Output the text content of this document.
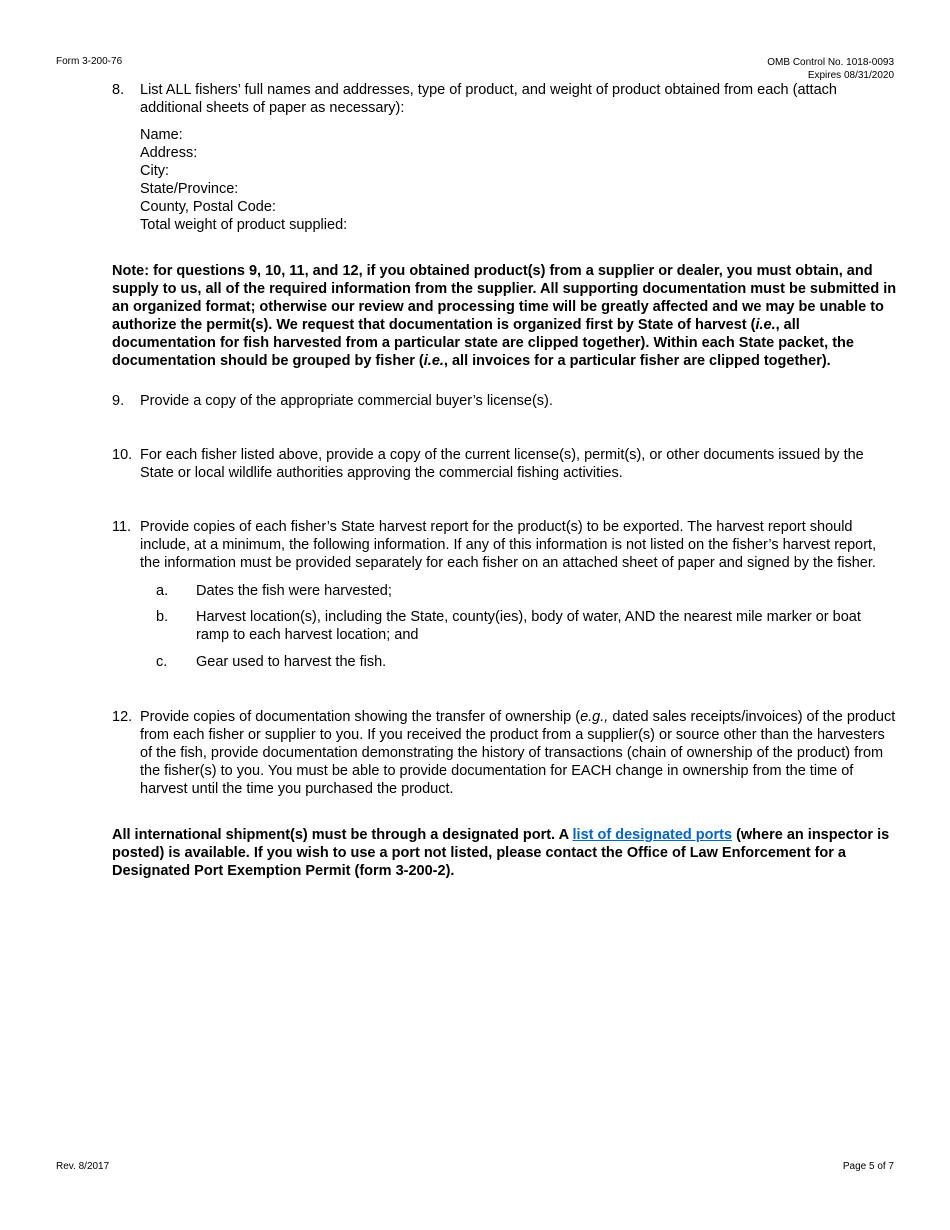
Form 3-200-76	OMB Control No. 1018-0093
Expires 08/31/2020
8. List ALL fishers’ full names and addresses, type of product, and weight of product obtained from each (attach additional sheets of paper as necessary):
Name:
Address:
City:
State/Province:
County, Postal Code:
Total weight of product supplied:
Note: for questions 9, 10, 11, and 12, if you obtained product(s) from a supplier or dealer, you must obtain, and supply to us, all of the required information from the supplier. All supporting documentation must be submitted in an organized format; otherwise our review and processing time will be greatly affected and we may be unable to authorize the permit(s). We request that documentation is organized first by State of harvest (i.e., all documentation for fish harvested from a particular state are clipped together). Within each State packet, the documentation should be grouped by fisher (i.e., all invoices for a particular fisher are clipped together).
9. Provide a copy of the appropriate commercial buyer’s license(s).
10. For each fisher listed above, provide a copy of the current license(s), permit(s), or other documents issued by the State or local wildlife authorities approving the commercial fishing activities.
11. Provide copies of each fisher’s State harvest report for the product(s) to be exported. The harvest report should include, at a minimum, the following information. If any of this information is not listed on the fisher’s harvest report, the information must be provided separately for each fisher on an attached sheet of paper and signed by the fisher.
a. Dates the fish were harvested;
b. Harvest location(s), including the State, county(ies), body of water, AND the nearest mile marker or boat ramp to each harvest location; and
c. Gear used to harvest the fish.
12. Provide copies of documentation showing the transfer of ownership (e.g., dated sales receipts/invoices) of the product from each fisher or supplier to you. If you received the product from a supplier(s) or source other than the harvesters of the fish, provide documentation demonstrating the history of transactions (chain of ownership of the product) from the fisher(s) to you. You must be able to provide documentation for EACH change in ownership from the time of harvest until the time you purchased the product.
All international shipment(s) must be through a designated port. A list of designated ports (where an inspector is posted) is available. If you wish to use a port not listed, please contact the Office of Law Enforcement for a Designated Port Exemption Permit (form 3-200-2).
Rev. 8/2017	Page 5 of 7
